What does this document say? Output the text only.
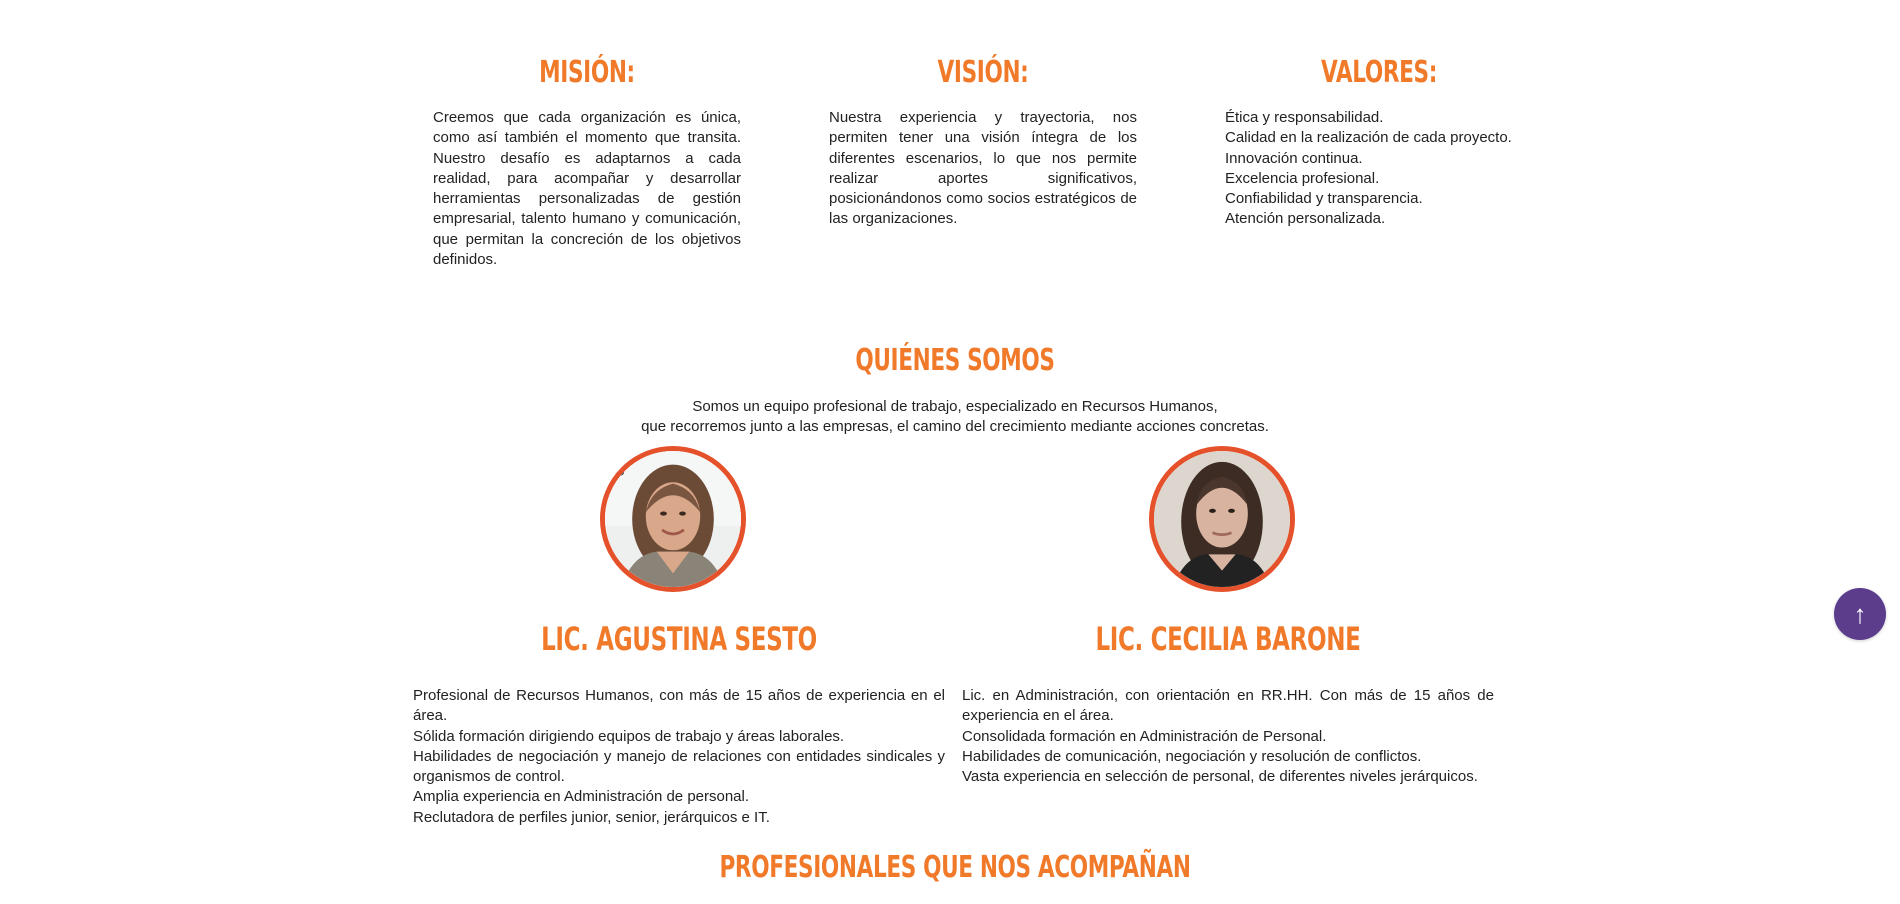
MISIÓN:

Creemos que cada organización es única, como así también el momento que transita. Nuestro desafío es adaptarnos a cada realidad, para acompañar y desarrollar herramientas personalizadas de gestión empresarial, talento humano y comunicación, que permitan la concreción de los objetivos definidos.

VISIÓN:

Nuestra experiencia y trayectoria, nos permiten tener una visión íntegra de los diferentes escenarios, lo que nos permite realizar aportes significativos, posicionándonos como socios estratégicos de las organizaciones.

VALORES:
Ética y responsabilidad.
Calidad en la realización de cada proyecto.
Innovación continua.
Excelencia profesional.
Confiabilidad y transparencia.
Atención personalizada.
QUIÉNES SOMOS
Somos un equipo profesional de trabajo, especializado en Recursos Humanos,
que recorremos junto a las empresas, el camino del crecimiento mediante acciones concretas.
S
LIC. AGUSTINA SESTO	LIC. CECILIA BARONE
Profesional de Recursos Humanos, con más de 15 años de experiencia en el área.
Sólida formación dirigiendo equipos de trabajo y áreas laborales.
Habilidades de negociación y manejo de relaciones con entidades sindicales y organismos de control.
Amplia experiencia en Administración de personal.
Reclutadora de perfiles junior, senior, jerárquicos e IT.
Lic. en Administración, con orientación en RR.HH. Con más de 15 años de experiencia en el área.
Consolidada formación en Administración de Personal.
Habilidades de comunicación, negociación y resolución de conflictos.
Vasta experiencia en selección de personal, de diferentes niveles jerárquicos.
PROFESIONALES QUE NOS ACOMPAÑAN
↑
